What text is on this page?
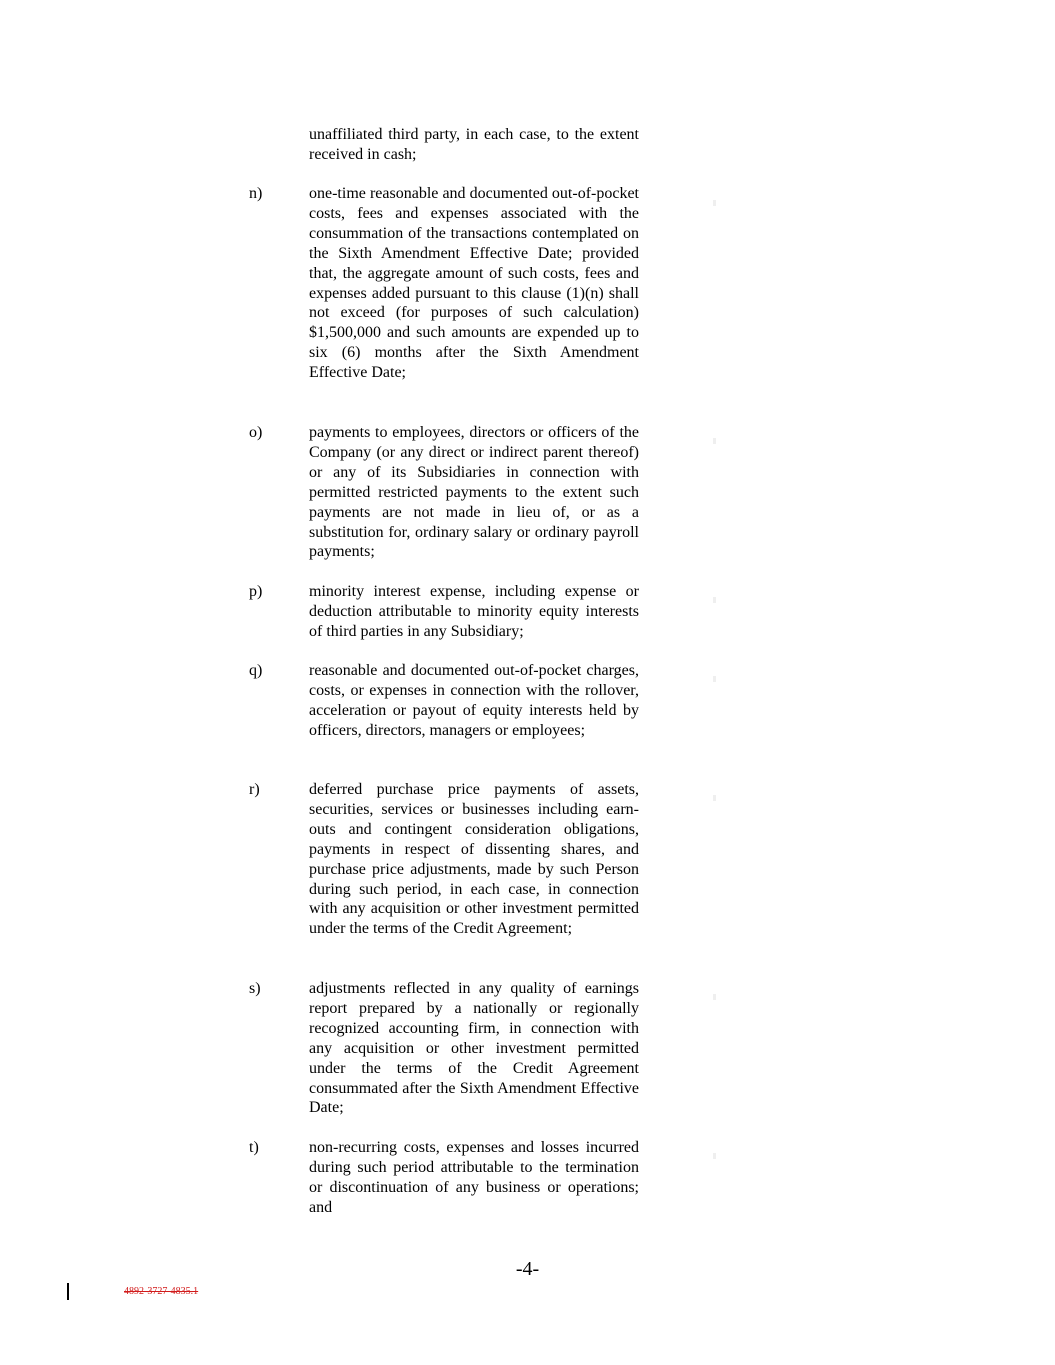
unaffiliated third party, in each case, to the extent received in cash;
n)	one-time reasonable and documented out-of-pocket costs, fees and expenses associated with the consummation of the transactions contemplated on the Sixth Amendment Effective Date; provided that, the aggregate amount of such costs, fees and expenses added pursuant to this clause (1)(n) shall not exceed (for purposes of such calculation) $1,500,000 and such amounts are expended up to six (6) months after the Sixth Amendment Effective Date;
o)	payments to employees, directors or officers of the Company (or any direct or indirect parent thereof) or any of its Subsidiaries in connection with permitted restricted payments to the extent such payments are not made in lieu of, or as a substitution for, ordinary salary or ordinary payroll payments;
p)	minority interest expense, including expense or deduction attributable to minority equity interests of third parties in any Subsidiary;
q)	reasonable and documented out-of-pocket charges, costs, or expenses in connection with the rollover, acceleration or payout of equity interests held by officers, directors, managers or employees;
r)	deferred purchase price payments of assets, securities, services or businesses including earn-outs and contingent consideration obligations, payments in respect of dissenting shares, and purchase price adjustments, made by such Person during such period, in each case, in connection with any acquisition or other investment permitted under the terms of the Credit Agreement;
s)	adjustments reflected in any quality of earnings report prepared by a nationally or regionally recognized accounting firm, in connection with any acquisition or other investment permitted under the terms of the Credit Agreement consummated after the Sixth Amendment Effective Date;
t)	non-recurring costs, expenses and losses incurred during such period attributable to the termination or discontinuation of any business or operations; and
-4-
4892-3727-4835.1
